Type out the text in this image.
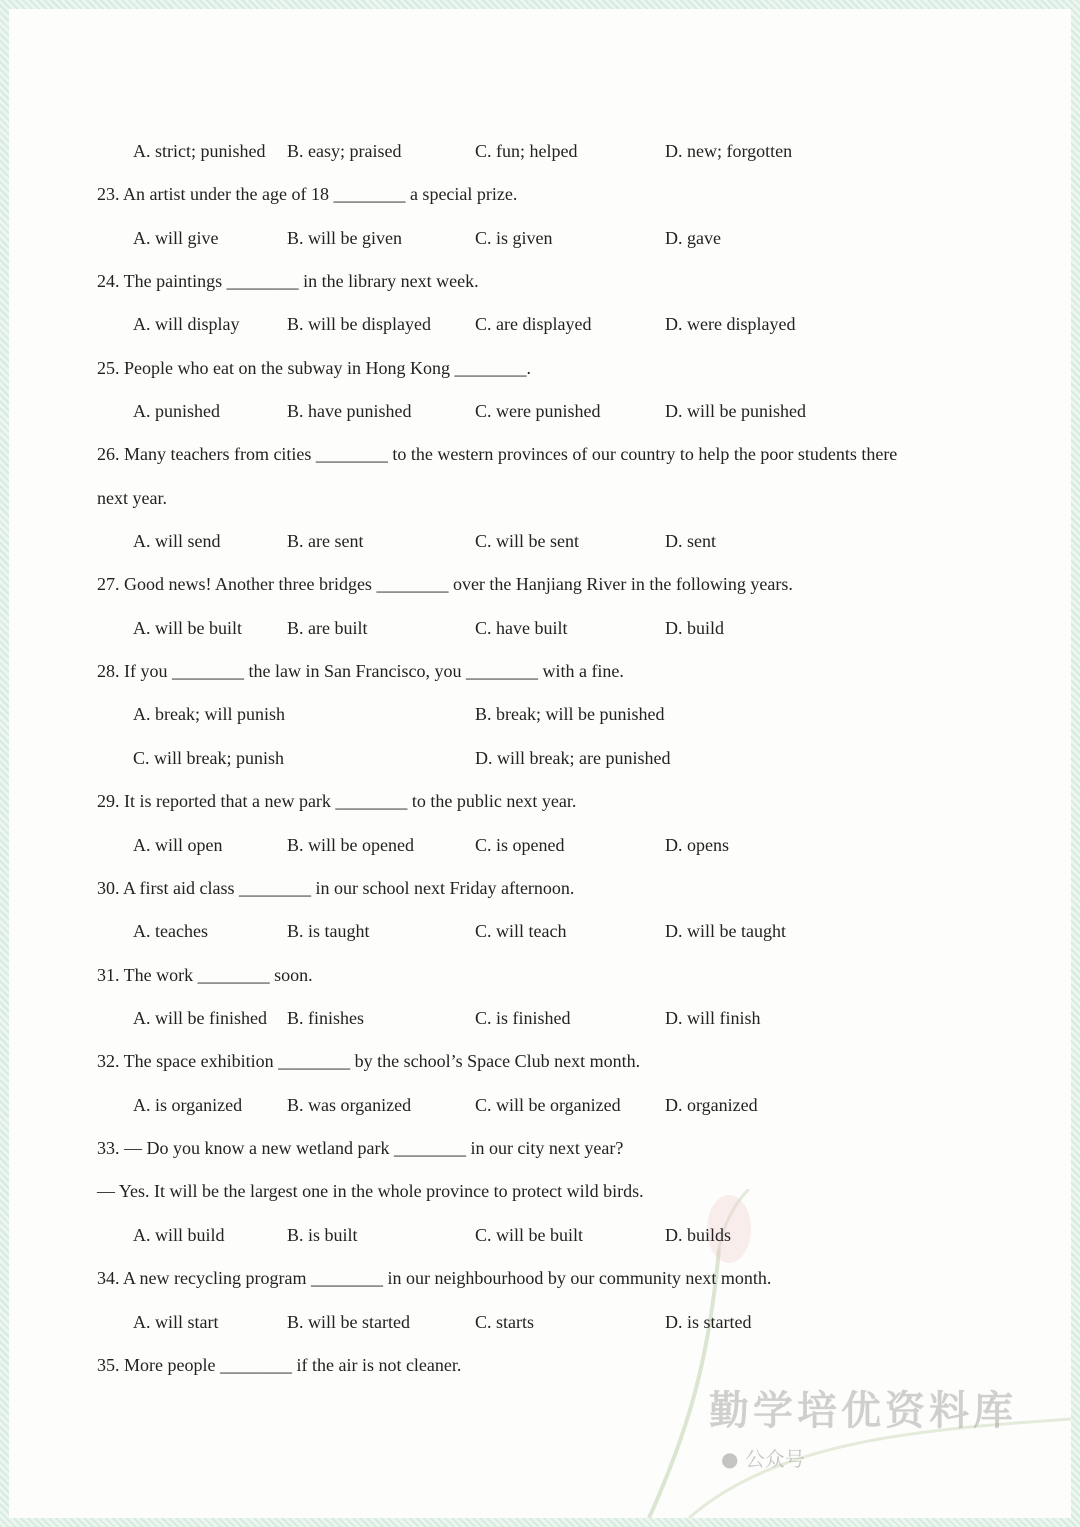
A. strict; punished B. easy; praised	C. fun; helped	D. new; forgotten
23. An artist under the age of 18 ________ a special prize.
A. will give	B. will be given	C. is given	D. gave
24. The paintings ________ in the library next week.
A. will display	B. will be displayed C. are displayed	D. were displayed
25. People who eat on the subway in Hong Kong ________.
A. punished	B. have punished	C. were punished	D. will be punished
26. Many teachers from cities ________ to the western provinces of our country to help the poor students there
next year.
A. will send	B. are sent	C. will be sent	D. sent
27. Good news! Another three bridges ________ over the Hanjiang River in the following years.
A. will be built	B. are built	C. have built	D. build
28. If you ________ the law in San Francisco, you ________ with a fine.
A. break; will punish	B. break; will be punished
C. will break; punish	D. will break; are punished
29. It is reported that a new park ________ to the public next year.
A. will open	B. will be opened	C. is opened	D. opens
30. A first aid class ________ in our school next Friday afternoon.
A. teaches	B. is taught	C. will teach	D. will be taught
31. The work ________ soon.
A. will be finished B. finishes	C. is finished	D. will finish
32. The space exhibition ________ by the school’s Space Club next month.
A. is organized B. was organized	C. will be organized D. organized
33. — Do you know a new wetland park ________ in our city next year?
— Yes. It will be the largest one in the whole province to protect wild birds.
A. will build	B. is built	C. will be built	D. builds
34. A new recycling program ________ in our neighbourhood by our community next month.
A. will start	B. will be started	C. starts	D. is started
35. More people ________ if the air is not cleaner.
勤学培优资料库
● 公众号
